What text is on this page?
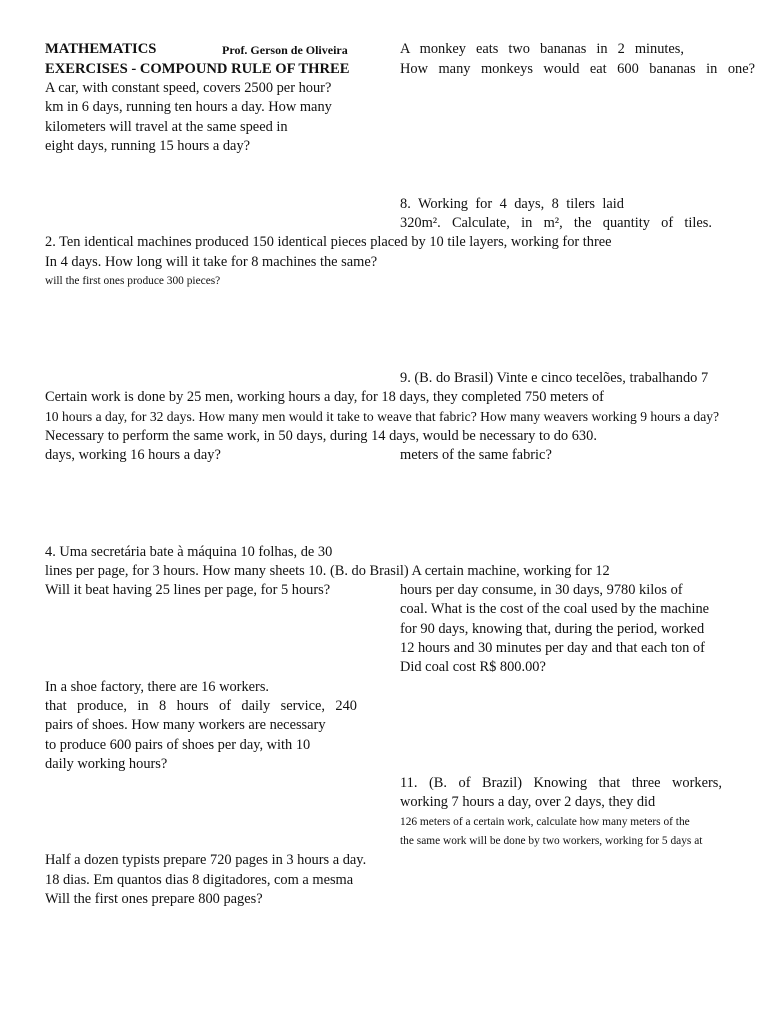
MATHEMATICS	Prof. Gerson de Oliveira
EXERCISES - COMPOUND RULE OF THREE
A car, with constant speed, covers 2500 per hour?
km in 6 days, running ten hours a day. How many
kilometers will travel at the same speed in
eight days, running 15 hours a day?
A monkey eats two bananas in 2 minutes,
How many monkeys would eat 600 bananas in one?
8. Working for 4 days, 8 tilers laid
320m². Calculate, in m², the quantity of tiles.
2. Ten identical machines produced 150 identical pieces placed by 10 tile layers, working for three
In 4 days. How long will it take for 8 machines the same?
will the first ones produce 300 pieces?
9. (B. do Brasil) Vinte e cinco tecelões, trabalhando 7
Certain work is done by 25 men, working hours a day, for 18 days, they completed 750 meters of
10 hours a day, for 32 days. How many men would it take to weave that fabric? How many weavers working 9 hours a day?
Necessary to perform the same work, in 50 days, during 14 days, would be necessary to do 630.
days, working 16 hours a day?	meters of the same fabric?
4. Uma secretária bate à máquina 10 folhas, de 30
lines per page, for 3 hours. How many sheets 10. (B. do Brasil) A certain machine, working for 12
Will it beat having 25 lines per page, for 5 hours?	hours per day consume, in 30 days, 9780 kilos of
coal. What is the cost of the coal used by the machine
for 90 days, knowing that, during the period, worked
12 hours and 30 minutes per day and that each ton of
Did coal cost R$ 800.00?
In a shoe factory, there are 16 workers.
that produce, in 8 hours of daily service, 240
pairs of shoes. How many workers are necessary
to produce 600 pairs of shoes per day, with 10
daily working hours?
11. (B. of Brazil) Knowing that three workers,
working 7 hours a day, over 2 days, they did
126 meters of a certain work, calculate how many meters of the
the same work will be done by two workers, working for 5 days at
Half a dozen typists prepare 720 pages in 3 hours a day.
18 dias. Em quantos dias 8 digitadores, com a mesma
Will the first ones prepare 800 pages?
